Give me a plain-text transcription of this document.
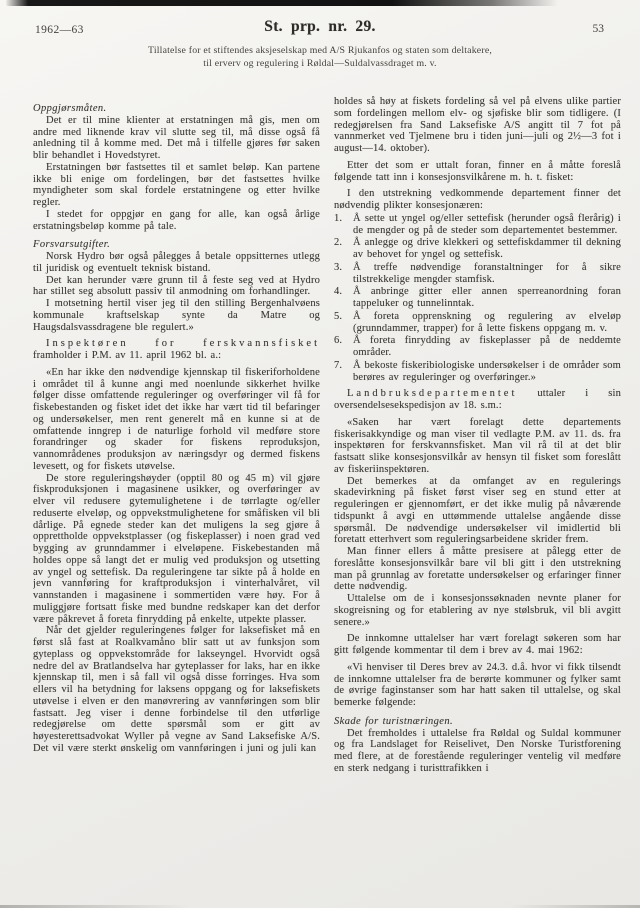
1962—63	St. prp. nr. 29.	53
Tillatelse for et stiftendes aksjeselskap med A/S Rjukanfos og staten som deltakere,
til erverv og regulering i Røldal—Suldalvassdraget m. v.
Oppgjørsmåten.
Det er til mine klienter at erstatningen må gis, men om andre med liknende krav vil slutte seg til, må disse også få anledning til å komme med. Det må i tilfelle gjøres før saken blir behandlet i Hovedstyret.
Erstatningen bør fastsettes til et samlet beløp. Kan partene ikke bli enige om fordelingen, bør det fastsettes hvilke myndigheter som skal fordele erstatningene og etter hvilke regler.
I stedet for oppgjør en gang for alle, kan også årlige erstatningsbeløp komme på tale.
Forsvarsutgifter.
Norsk Hydro bør også pålegges å betale oppsitternes utlegg til juridisk og eventuelt teknisk bistand.
Det kan herunder være grunn til å feste seg ved at Hydro har stillet seg absolutt passiv til anmodning om forhandlinger.
I motsetning hertil viser jeg til den stilling Bergenhalvøens kommunale kraftselskap synte da Matre og Haugsdalsvassdragene ble regulert.»
Inspektøren for ferskvannsfisket framholder i P.M. av 11. april 1962 bl. a.:
«En har ikke den nødvendige kjennskap til fiskeriforholdene i området til å kunne angi med noenlunde sikkerhet hvilke følger disse omfattende reguleringer og overføringer vil få for fiskebestanden og fisket idet det ikke har vært tid til befaringer og undersøkelser, men rent generelt må en kunne si at de omfattende inngrep i de naturlige forhold vil medføre store forandringer og skader for fiskens reproduksjon, vannområdenes produksjon av næringsdyr og dermed fiskens levesett, og for fiskets utøvelse.
De store reguleringshøyder (opptil 80 og 45 m) vil gjøre fiskproduksjonen i magasinene usikker, og overføringer av elver vil redusere gytemulighetene i de tørrlagte og/eller reduserte elveløp, og oppvekstmulighetene for småfisken vil bli dårlige. På egnede steder kan det muligens la seg gjøre å opprettholde oppvekstplasser (og fiskeplasser) i noen grad ved bygging av grunndammer i elveløpene. Fiskebestanden må holdes oppe så langt det er mulig ved produksjon og utsetting av yngel og settefisk. Da reguleringene tar sikte på å holde en jevn vannføring for kraftproduksjon i vinterhalvåret, vil vannstanden i magasinene i sommertiden være høy. For å muliggjøre fortsatt fiske med bundne redskaper kan det derfor være påkrevet å foreta finrydding på enkelte, utpekte plasser.
Når det gjelder reguleringenes følger for laksefisket må en først slå fast at Roalkvamåno blir satt ut av funksjon som gyteplass og oppvekstområde for lakseyngel. Hvorvidt også nedre del av Bratlandselva har gyteplasser for laks, har en ikke kjennskap til, men i så fall vil også disse forringes. Hva som ellers vil ha betydning for laksens oppgang og for laksefiskets utøvelse i elven er den manøvrering av vannføringen som blir fastsatt. Jeg viser i denne forbindelse til den utførlige redegjørelse om dette spørsmål som er gitt av høyesterettsadvokat Wyller på vegne av Sand Laksefiske A/S. Det vil være sterkt ønskelig om vannføringen i juni og juli kan
holdes så høy at fiskets fordeling så vel på elvens ulike partier som fordelingen mellom elv- og sjøfiske blir som tidligere. (I redegjørelsen fra Sand Laksefiske A/S angitt til 7 fot på vannmerket ved Tjelmene bru i tiden juni—juli og 2½—3 fot i august—14. oktober).
Etter det som er uttalt foran, finner en å måtte foreslå følgende tatt inn i konsesjonsvilkårene m. h. t. fisket:
I den utstrekning vedkommende departement finner det nødvendig plikter konsesjonæren:
1. Å sette ut yngel og/eller settefisk (herunder også flerårig) i de mengder og på de steder som departementet bestemmer.
2. Å anlegge og drive klekkeri og settefiskdammer til dekning av behovet for yngel og settefisk.
3. Å treffe nødvendige foranstaltninger for å sikre tilstrekkelige mengder stamfisk.
4. Å anbringe gitter eller annen sperreanordning foran tappeluker og tunnelinntak.
5. Å foreta opprenskning og regulering av elveløp (grunndammer, trapper) for å lette fiskens oppgang m. v.
6. Å foreta finrydding av fiskeplasser på de neddemte områder.
7. Å bekoste fiskeribiologiske undersøkelser i de områder som berøres av reguleringer og overføringer.»
Landbruksdepartementet uttaler i sin oversendelsesekspedisjon av 18. s.m.:
«Saken har vært forelagt dette departements fiskerisakkyndige og man viser til vedlagte P.M. av 11. ds. fra inspektøren for ferskvannsfisket. Man vil rå til at det blir fastsatt slike konsesjonsvilkår av hensyn til fisket som foreslått av fiskeriinspektøren.
Det bemerkes at da omfanget av en regulerings skadevirkning på fisket først viser seg en stund etter at reguleringen er gjennomført, er det ikke mulig på nåværende tidspunkt å avgi en uttømmende uttalelse angående disse spørsmål. De nødvendige undersøkelser vil imidlertid bli foretatt etterhvert som reguleringsarbeidene skrider frem.
Man finner ellers å måtte presisere at pålegg etter de foreslåtte konsesjonsvilkår bare vil bli gitt i den utstrekning man på grunnlag av foretatte undersøkelser og erfaringer finner dette nødvendig.
Uttalelse om de i konsesjonssøknaden nevnte planer for skogreisning og for etablering av nye stølsbruk, vil bli avgitt senere.»
De innkomne uttalelser har vært forelagt søkeren som har gitt følgende kommentar til dem i brev av 4. mai 1962:
«Vi henviser til Deres brev av 24.3. d.å. hvor vi fikk tilsendt de innkomne uttalelser fra de berørte kommuner og fylker samt de øvrige faginstanser som har hatt saken til uttalelse, og skal bemerke følgende:
Skade for turistnæringen.
Det fremholdes i uttalelse fra Røldal og Suldal kommuner og fra Landslaget for Reiselivet, Den Norske Turistforening med flere, at de forestående reguleringer ventelig vil medføre en sterk nedgang i turisttrafikken i
